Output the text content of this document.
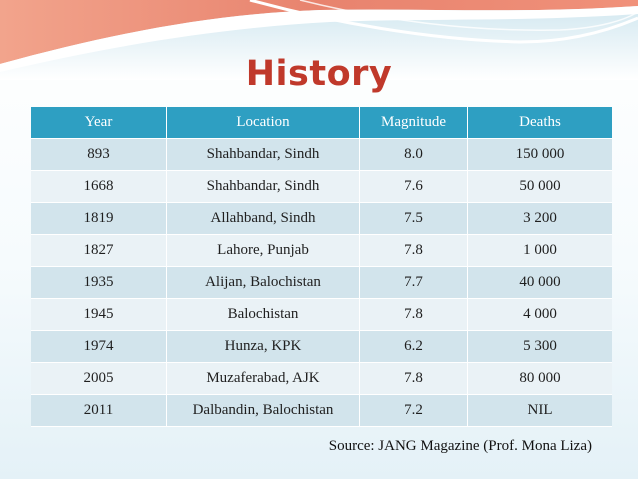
History
Year	Location	Magnitude	Deaths
893	Shahbandar, Sindh	8.0	150 000
1668	Shahbandar, Sindh	7.6	50 000
1819	Allahband, Sindh	7.5	3 200
1827	Lahore, Punjab	7.8	1 000
1935	Alijan, Balochistan	7.7	40 000
1945	Balochistan	7.8	4 000
1974	Hunza, KPK	6.2	5 300
2005	Muzaferabad, AJK	7.8	80 000
2011	Dalbandin, Balochistan	7.2	NIL
Source: JANG Magazine (Prof. Mona Liza)
